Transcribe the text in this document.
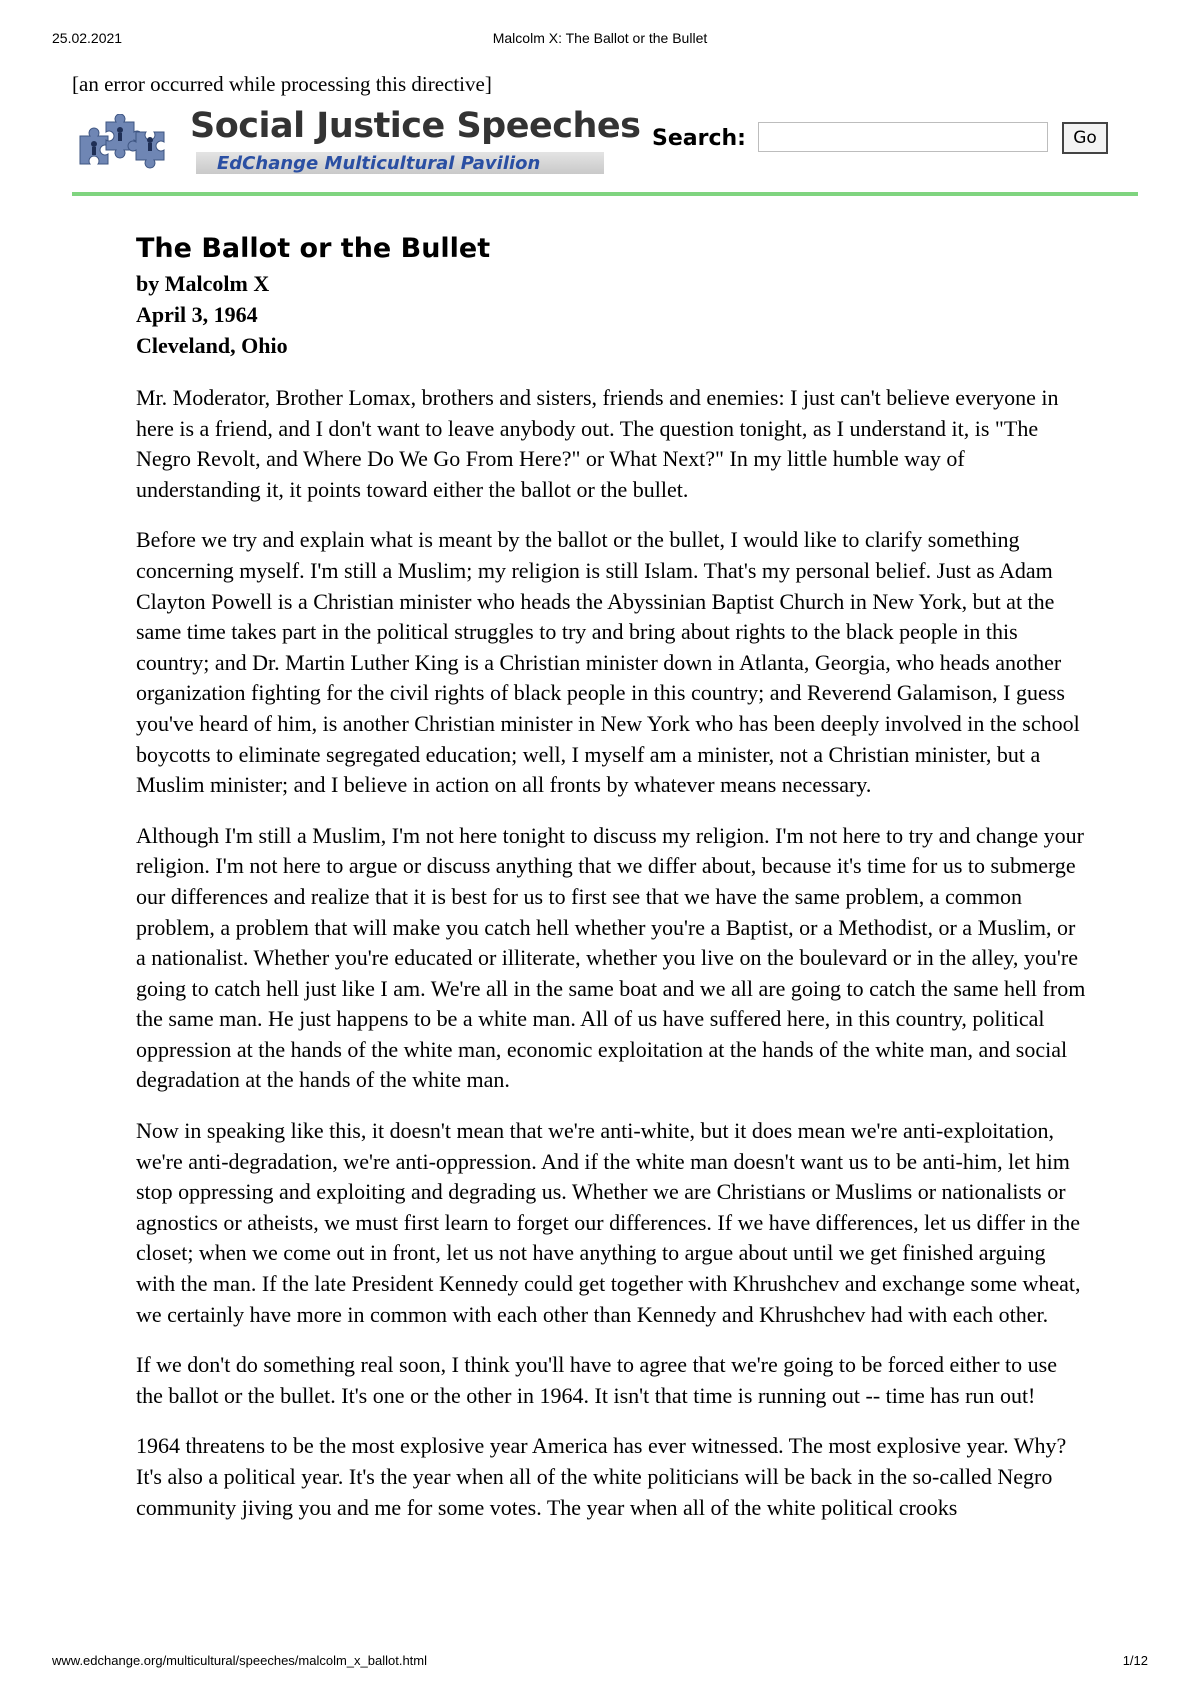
25.02.2021	Malcolm X: The Ballot or the Bullet
[an error occurred while processing this directive]
Social Justice Speeches
EdChange Multicultural Pavilion
Search:	Go
The Ballot or the Bullet
by Malcolm X
April 3, 1964
Cleveland, Ohio

Mr. Moderator, Brother Lomax, brothers and sisters, friends and enemies: I just can't believe everyone in here is a friend, and I don't want to leave anybody out. The question tonight, as I understand it, is "The Negro Revolt, and Where Do We Go From Here?" or What Next?" In my little humble way of understanding it, it points toward either the ballot or the bullet.

Before we try and explain what is meant by the ballot or the bullet, I would like to clarify something concerning myself. I'm still a Muslim; my religion is still Islam. That's my personal belief. Just as Adam Clayton Powell is a Christian minister who heads the Abyssinian Baptist Church in New York, but at the same time takes part in the political struggles to try and bring about rights to the black people in this country; and Dr. Martin Luther King is a Christian minister down in Atlanta, Georgia, who heads another organization fighting for the civil rights of black people in this country; and Reverend Galamison, I guess you've heard of him, is another Christian minister in New York who has been deeply involved in the school boycotts to eliminate segregated education; well, I myself am a minister, not a Christian minister, but a Muslim minister; and I believe in action on all fronts by whatever means necessary.

Although I'm still a Muslim, I'm not here tonight to discuss my religion. I'm not here to try and change your religion. I'm not here to argue or discuss anything that we differ about, because it's time for us to submerge our differences and realize that it is best for us to first see that we have the same problem, a common problem, a problem that will make you catch hell whether you're a Baptist, or a Methodist, or a Muslim, or a nationalist. Whether you're educated or illiterate, whether you live on the boulevard or in the alley, you're going to catch hell just like I am. We're all in the same boat and we all are going to catch the same hell from the same man. He just happens to be a white man. All of us have suffered here, in this country, political oppression at the hands of the white man, economic exploitation at the hands of the white man, and social degradation at the hands of the white man.

Now in speaking like this, it doesn't mean that we're anti-white, but it does mean we're anti-exploitation, we're anti-degradation, we're anti-oppression. And if the white man doesn't want us to be anti-him, let him stop oppressing and exploiting and degrading us. Whether we are Christians or Muslims or nationalists or agnostics or atheists, we must first learn to forget our differences. If we have differences, let us differ in the closet; when we come out in front, let us not have anything to argue about until we get finished arguing with the man. If the late President Kennedy could get together with Khrushchev and exchange some wheat, we certainly have more in common with each other than Kennedy and Khrushchev had with each other.

If we don't do something real soon, I think you'll have to agree that we're going to be forced either to use the ballot or the bullet. It's one or the other in 1964. It isn't that time is running out -- time has run out!

1964 threatens to be the most explosive year America has ever witnessed. The most explosive year. Why? It's also a political year. It's the year when all of the white politicians will be back in the so-called Negro community jiving you and me for some votes. The year when all of the white political crooks

www.edchange.org/multicultural/speeches/malcolm_x_ballot.html	1/12
